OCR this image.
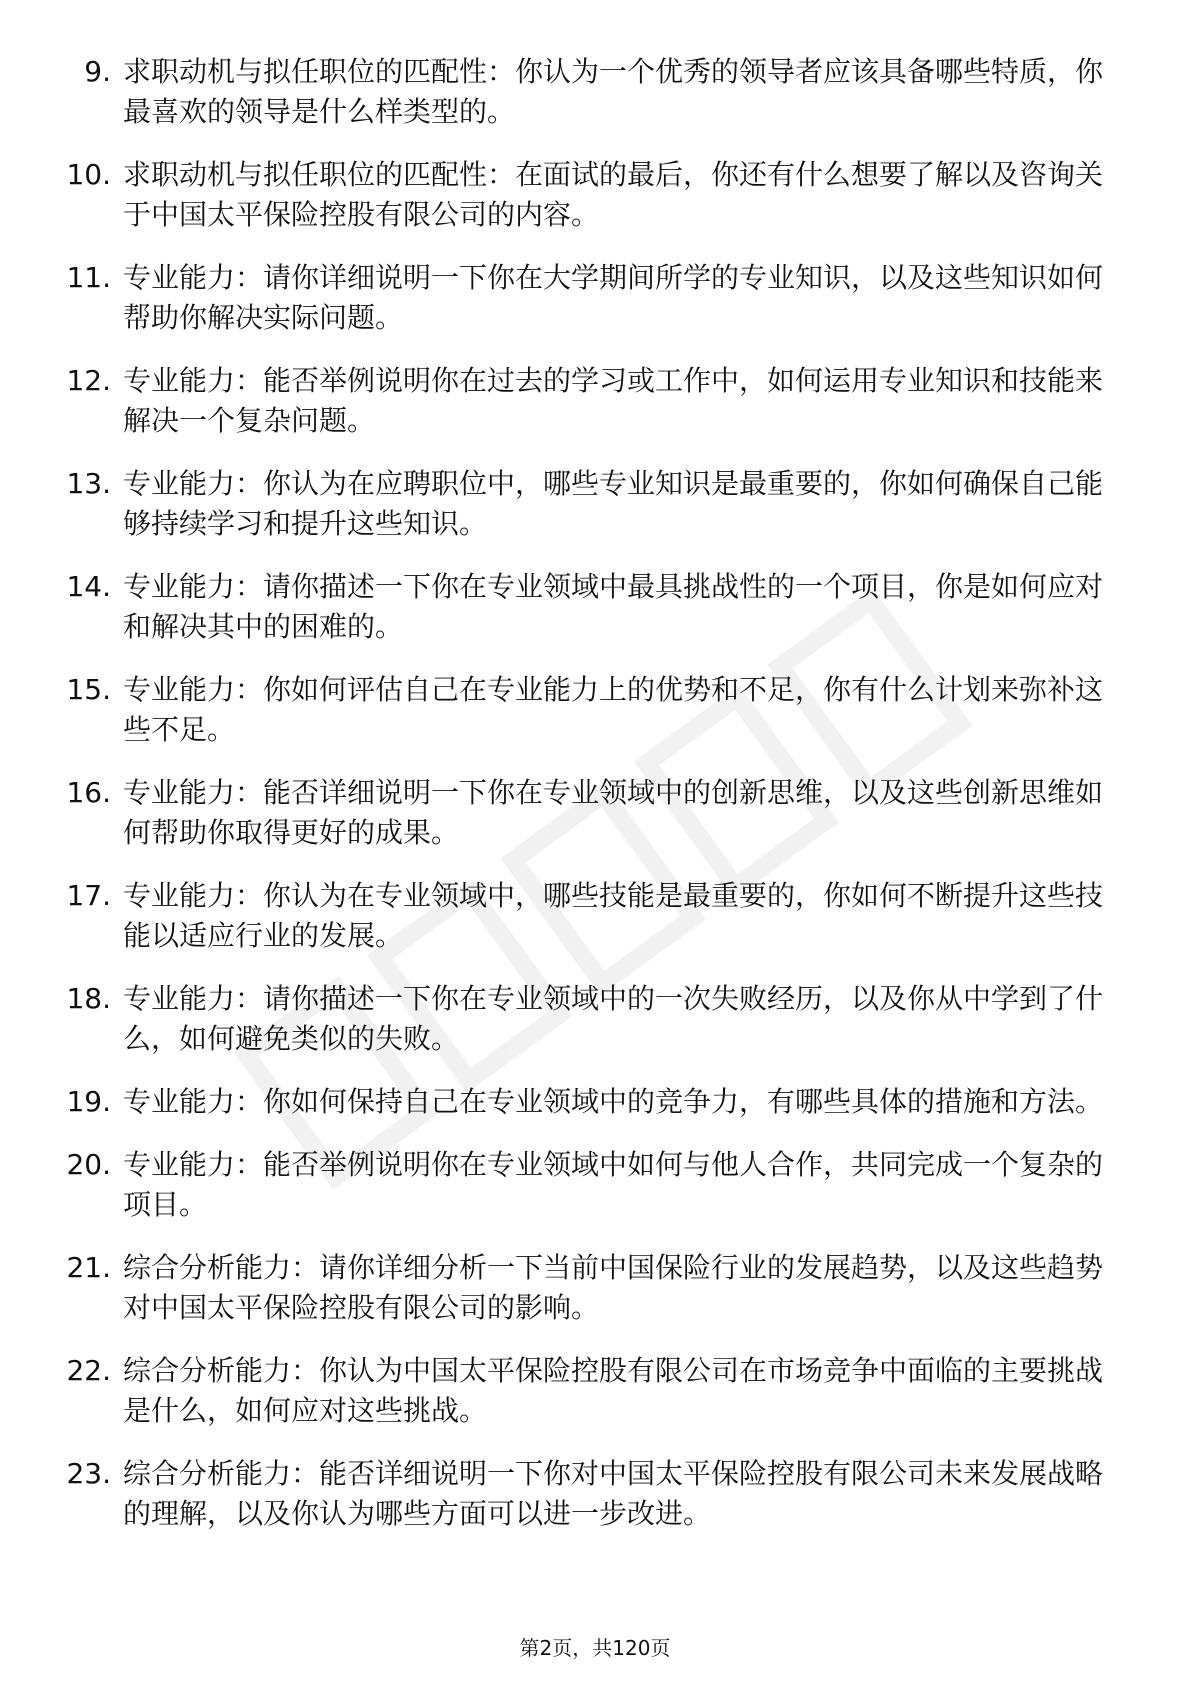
9. 求职动机与拟任职位的匹配性：你认为一个优秀的领导者应该具备哪些特质，你最喜欢的领导是什么样类型的。
10. 求职动机与拟任职位的匹配性：在面试的最后，你还有什么想要了解以及咨询关于中国太平保险控股有限公司的内容。
11. 专业能力：请你详细说明一下你在大学期间所学的专业知识，以及这些知识如何帮助你解决实际问题。
12. 专业能力：能否举例说明你在过去的学习或工作中，如何运用专业知识和技能来解决一个复杂问题。
13. 专业能力：你认为在应聘职位中，哪些专业知识是最重要的，你如何确保自己能够持续学习和提升这些知识。
14. 专业能力：请你描述一下你在专业领域中最具挑战性的一个项目，你是如何应对和解决其中的困难的。
15. 专业能力：你如何评估自己在专业能力上的优势和不足，你有什么计划来弥补这些不足。
16. 专业能力：能否详细说明一下你在专业领域中的创新思维，以及这些创新思维如何帮助你取得更好的成果。
17. 专业能力：你认为在专业领域中，哪些技能是最重要的，你如何不断提升这些技能以适应行业的发展。
18. 专业能力：请你描述一下你在专业领域中的一次失败经历，以及你从中学到了什么，如何避免类似的失败。
19. 专业能力：你如何保持自己在专业领域中的竞争力，有哪些具体的措施和方法。
20. 专业能力：能否举例说明你在专业领域中如何与他人合作，共同完成一个复杂的项目。
21. 综合分析能力：请你详细分析一下当前中国保险行业的发展趋势，以及这些趋势对中国太平保险控股有限公司的影响。
22. 综合分析能力：你认为中国太平保险控股有限公司在市场竞争中面临的主要挑战是什么，如何应对这些挑战。
23. 综合分析能力：能否详细说明一下你对中国太平保险控股有限公司未来发展战略的理解，以及你认为哪些方面可以进一步改进。
第2页，共120页
